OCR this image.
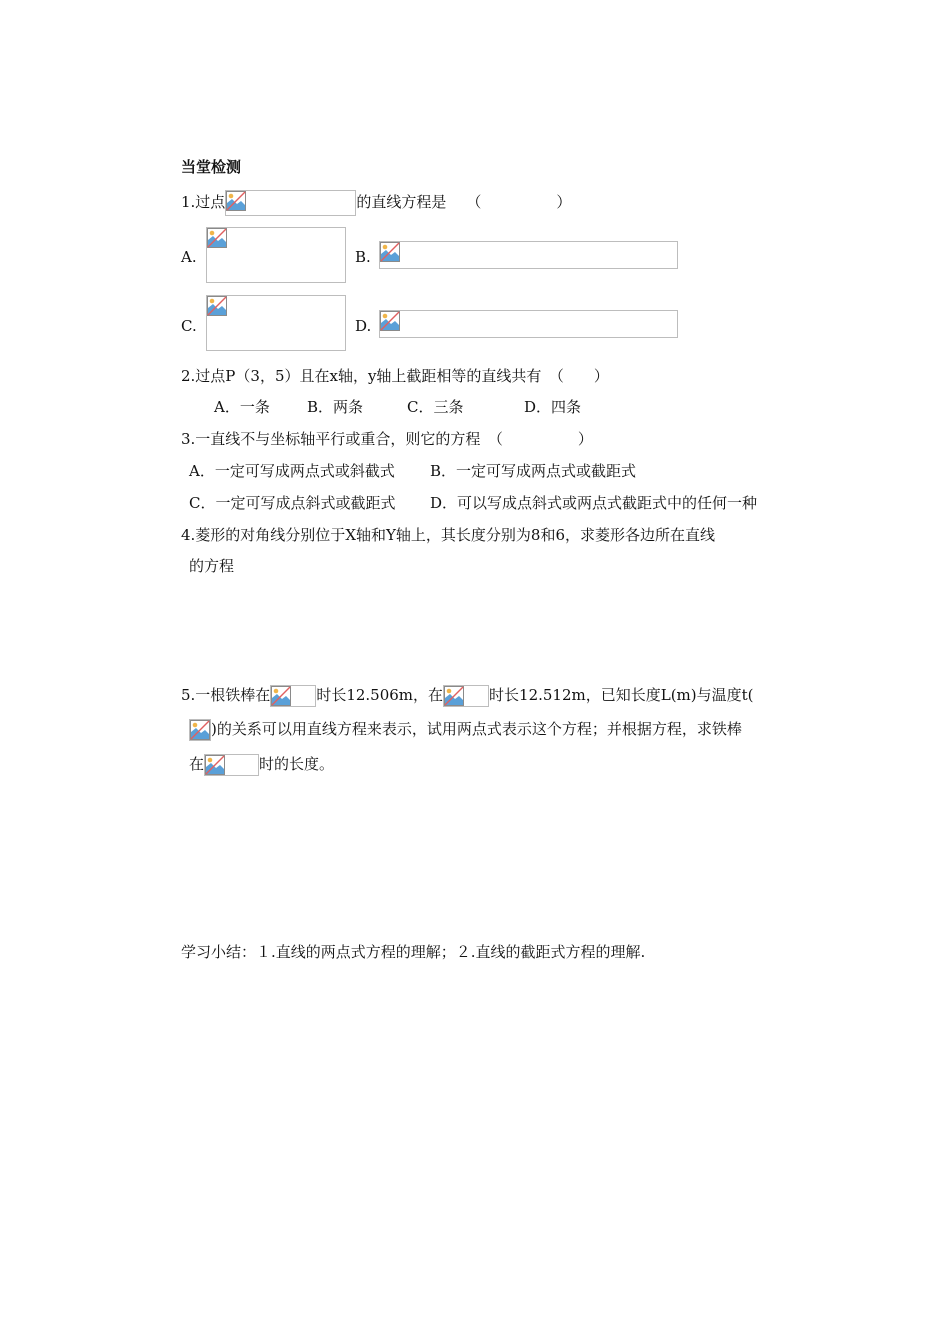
当堂检测
1.过点	的直线方程是 （　　　　　）
A.	B.
C.	D.
2.过点P（3，5）且在x轴，y轴上截距相等的直线共有　（　　）
A．一条 B．两条	C．三条	D．四条
3.一直线不与坐标轴平行或重合，则它的方程　（　　　　　）
A．一定可写成两点式或斜截式 B．一定可写成两点式或截距式
C．一定可写成点斜式或截距式 D．可以写成点斜式或两点式截距式中的任何一种
4.菱形的对角线分别位于X轴和Y轴上，其长度分别为8和6，求菱形各边所在直线
的方程
5.一根铁棒在	时长12.506m，在	时长12.512m，已知长度L(m)与温度t(
)的关系可以用直线方程来表示，试用两点式表示这个方程；并根据方程，求铁棒
在	时的长度。
学习小结：１.直线的两点式方程的理解；２.直线的截距式方程的理解.
